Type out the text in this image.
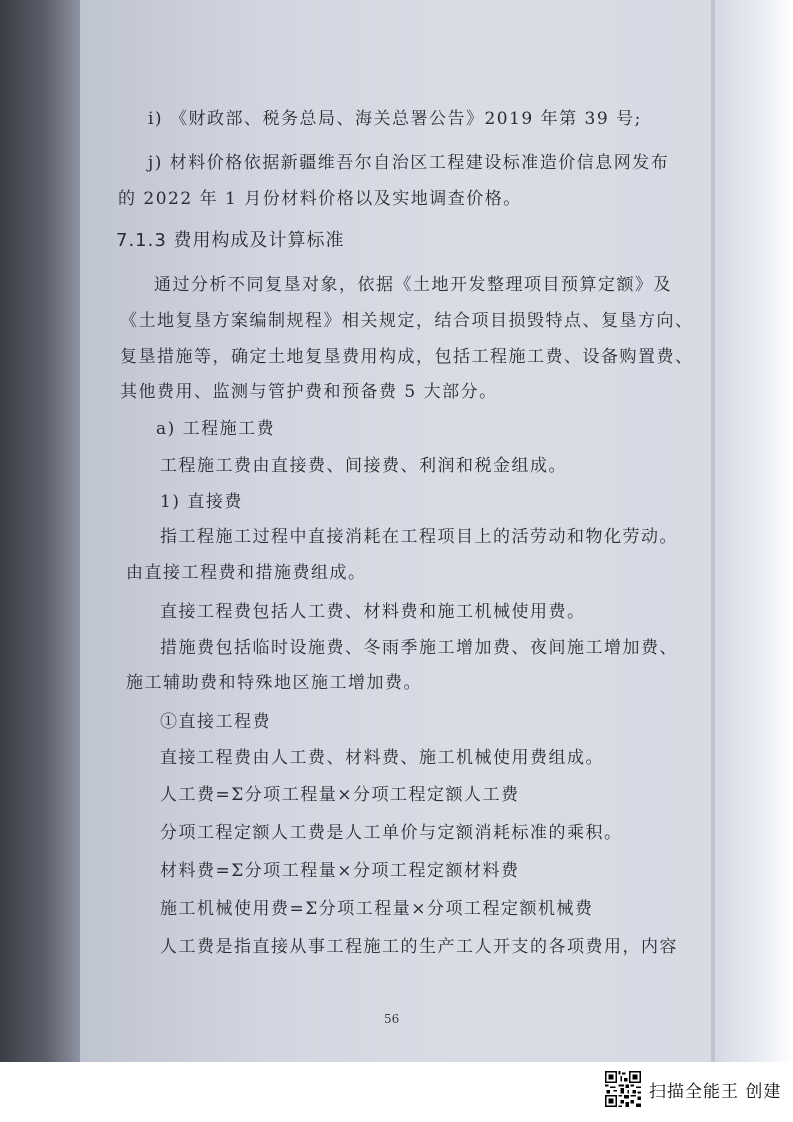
i) 《财政部、税务总局、海关总署公告》2019 年第 39 号;
j) 材料价格依据新疆维吾尔自治区工程建设标准造价信息网发布
的 2022 年 1 月份材料价格以及实地调查价格。
7.1.3 费用构成及计算标准
通过分析不同复垦对象，依据《土地开发整理项目预算定额》及
《土地复垦方案编制规程》相关规定，结合项目损毁特点、复垦方向、
复垦措施等，确定土地复垦费用构成，包括工程施工费、设备购置费、
其他费用、监测与管护费和预备费 5 大部分。
a) 工程施工费
工程施工费由直接费、间接费、利润和税金组成。
1) 直接费
指工程施工过程中直接消耗在工程项目上的活劳动和物化劳动。
由直接工程费和措施费组成。
直接工程费包括人工费、材料费和施工机械使用费。
措施费包括临时设施费、冬雨季施工增加费、夜间施工增加费、
施工辅助费和特殊地区施工增加费。
①直接工程费
直接工程费由人工费、材料费、施工机械使用费组成。
人工费=Σ分项工程量×分项工程定额人工费
分项工程定额人工费是人工单价与定额消耗标准的乘积。
材料费=Σ分项工程量×分项工程定额材料费
施工机械使用费=Σ分项工程量×分项工程定额机械费
人工费是指直接从事工程施工的生产工人开支的各项费用，内容
56
扫描全能王 创建
